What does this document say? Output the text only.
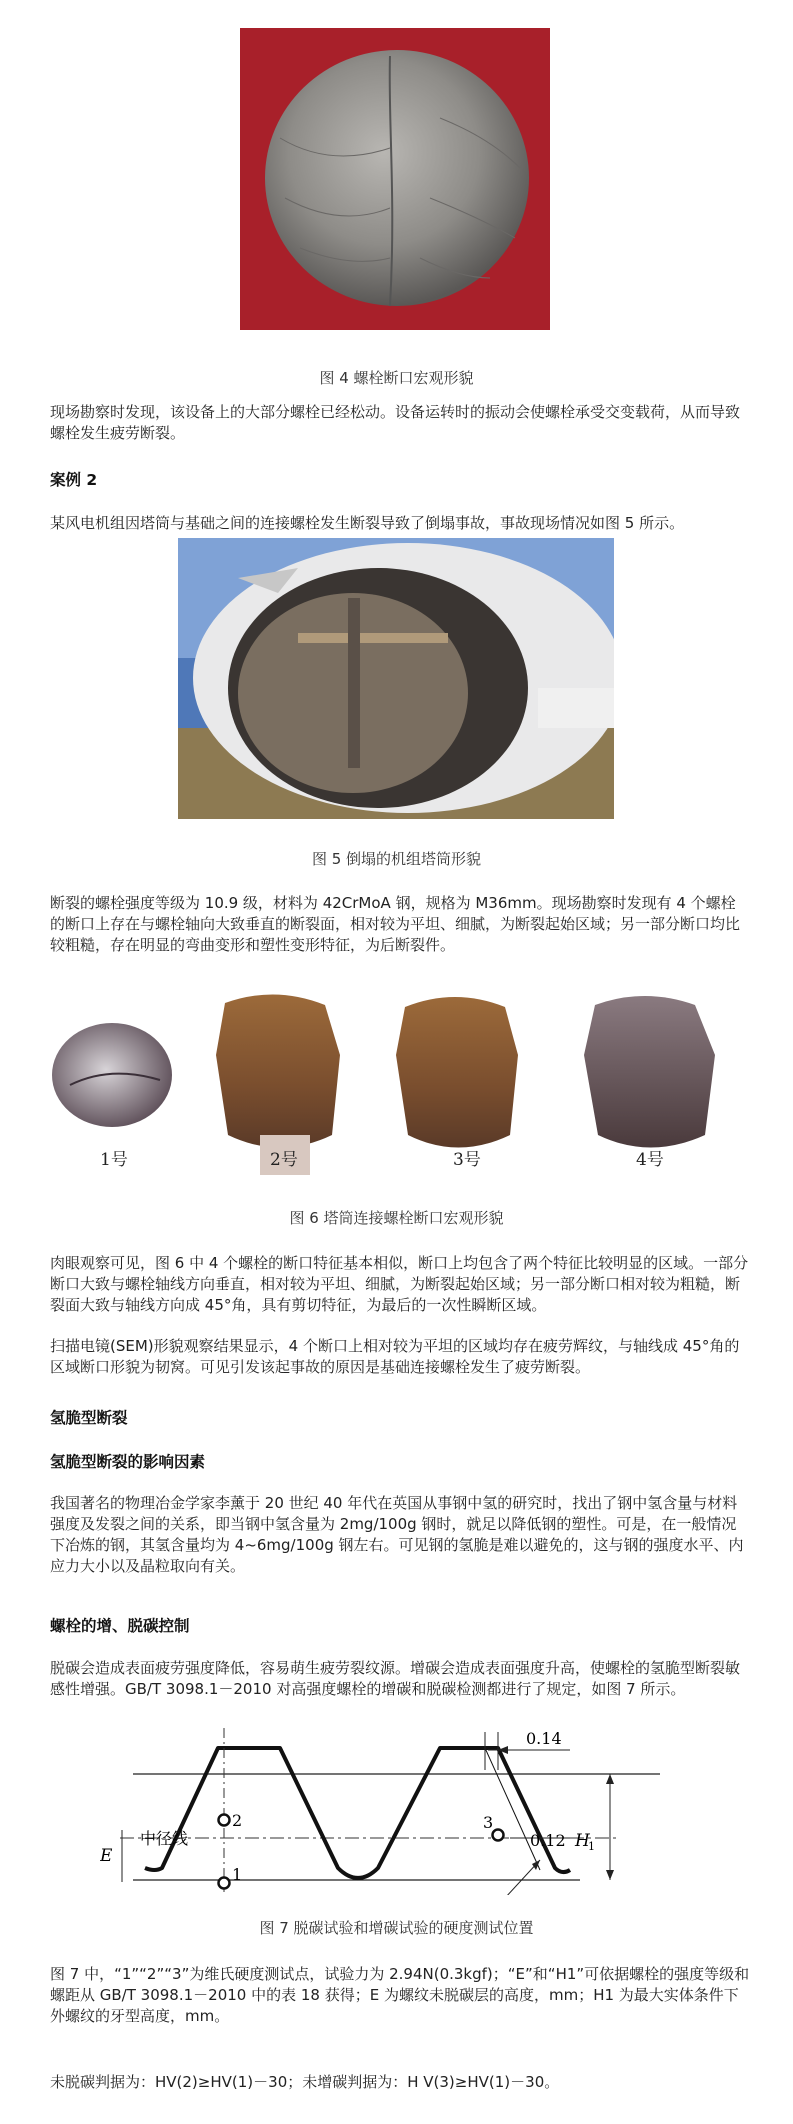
图 4 螺栓断口宏观形貌
现场勘察时发现，该设备上的大部分螺栓已经松动。设备运转时的振动会使螺栓承受交变载荷，从而导致螺栓发生疲劳断裂。
案例 2
某风电机组因塔筒与基础之间的连接螺栓发生断裂导致了倒塌事故，事故现场情况如图 5 所示。
图 5 倒塌的机组塔筒形貌
断裂的螺栓强度等级为 10.9 级，材料为 42CrMoA 钢，规格为 M36mm。现场勘察时发现有 4 个螺栓的断口上存在与螺栓轴向大致垂直的断裂面，相对较为平坦、细腻，为断裂起始区域；另一部分断口均比较粗糙，存在明显的弯曲变形和塑性变形特征，为后断裂件。
1号	2号	3号	4号
图 6 塔筒连接螺栓断口宏观形貌
肉眼观察可见，图 6 中 4 个螺栓的断口特征基本相似，断口上均包含了两个特征比较明显的区域。一部分断口大致与螺栓轴线方向垂直，相对较为平坦、细腻，为断裂起始区域；另一部分断口相对较为粗糙，断裂面大致与轴线方向成 45°角，具有剪切特征，为最后的一次性瞬断区域。
扫描电镜(SEM)形貌观察结果显示，4 个断口上相对较为平坦的区域均存在疲劳辉纹，与轴线成 45°角的区域断口形貌为韧窝。可见引发该起事故的原因是基础连接螺栓发生了疲劳断裂。
氢脆型断裂
氢脆型断裂的影响因素
我国著名的物理冶金学家李薰于 20 世纪 40 年代在英国从事钢中氢的研究时，找出了钢中氢含量与材料强度及发裂之间的关系，即当钢中氢含量为 2mg/100g 钢时，就足以降低钢的塑性。可是，在一般情况下冶炼的钢，其氢含量均为 4~6mg/100g 钢左右。可见钢的氢脆是难以避免的，这与钢的强度水平、内应力大小以及晶粒取向有关。
螺栓的增、脱碳控制
脱碳会造成表面疲劳强度降低，容易萌生疲劳裂纹源。增碳会造成表面强度升高，使螺栓的氢脆型断裂敏感性增强。GB/T 3098.1－2010 对高强度螺栓的增碳和脱碳检测都进行了规定，如图 7 所示。
2
1
3
0.14
0.12
E
H
1
中径线
图 7 脱碳试验和增碳试验的硬度测试位置
图 7 中，“1”“2”“3”为维氏硬度测试点，试验力为 2.94N(0.3kgf)；“E”和“H1”可依据螺栓的强度等级和螺距从 GB/T 3098.1－2010 中的表 18 获得；E 为螺纹未脱碳层的高度，mm；H1 为最大实体条件下外螺纹的牙型高度，mm。
未脱碳判据为：HV(2)≥HV(1)－30；未增碳判据为：H V(3)≥HV(1)－30。
